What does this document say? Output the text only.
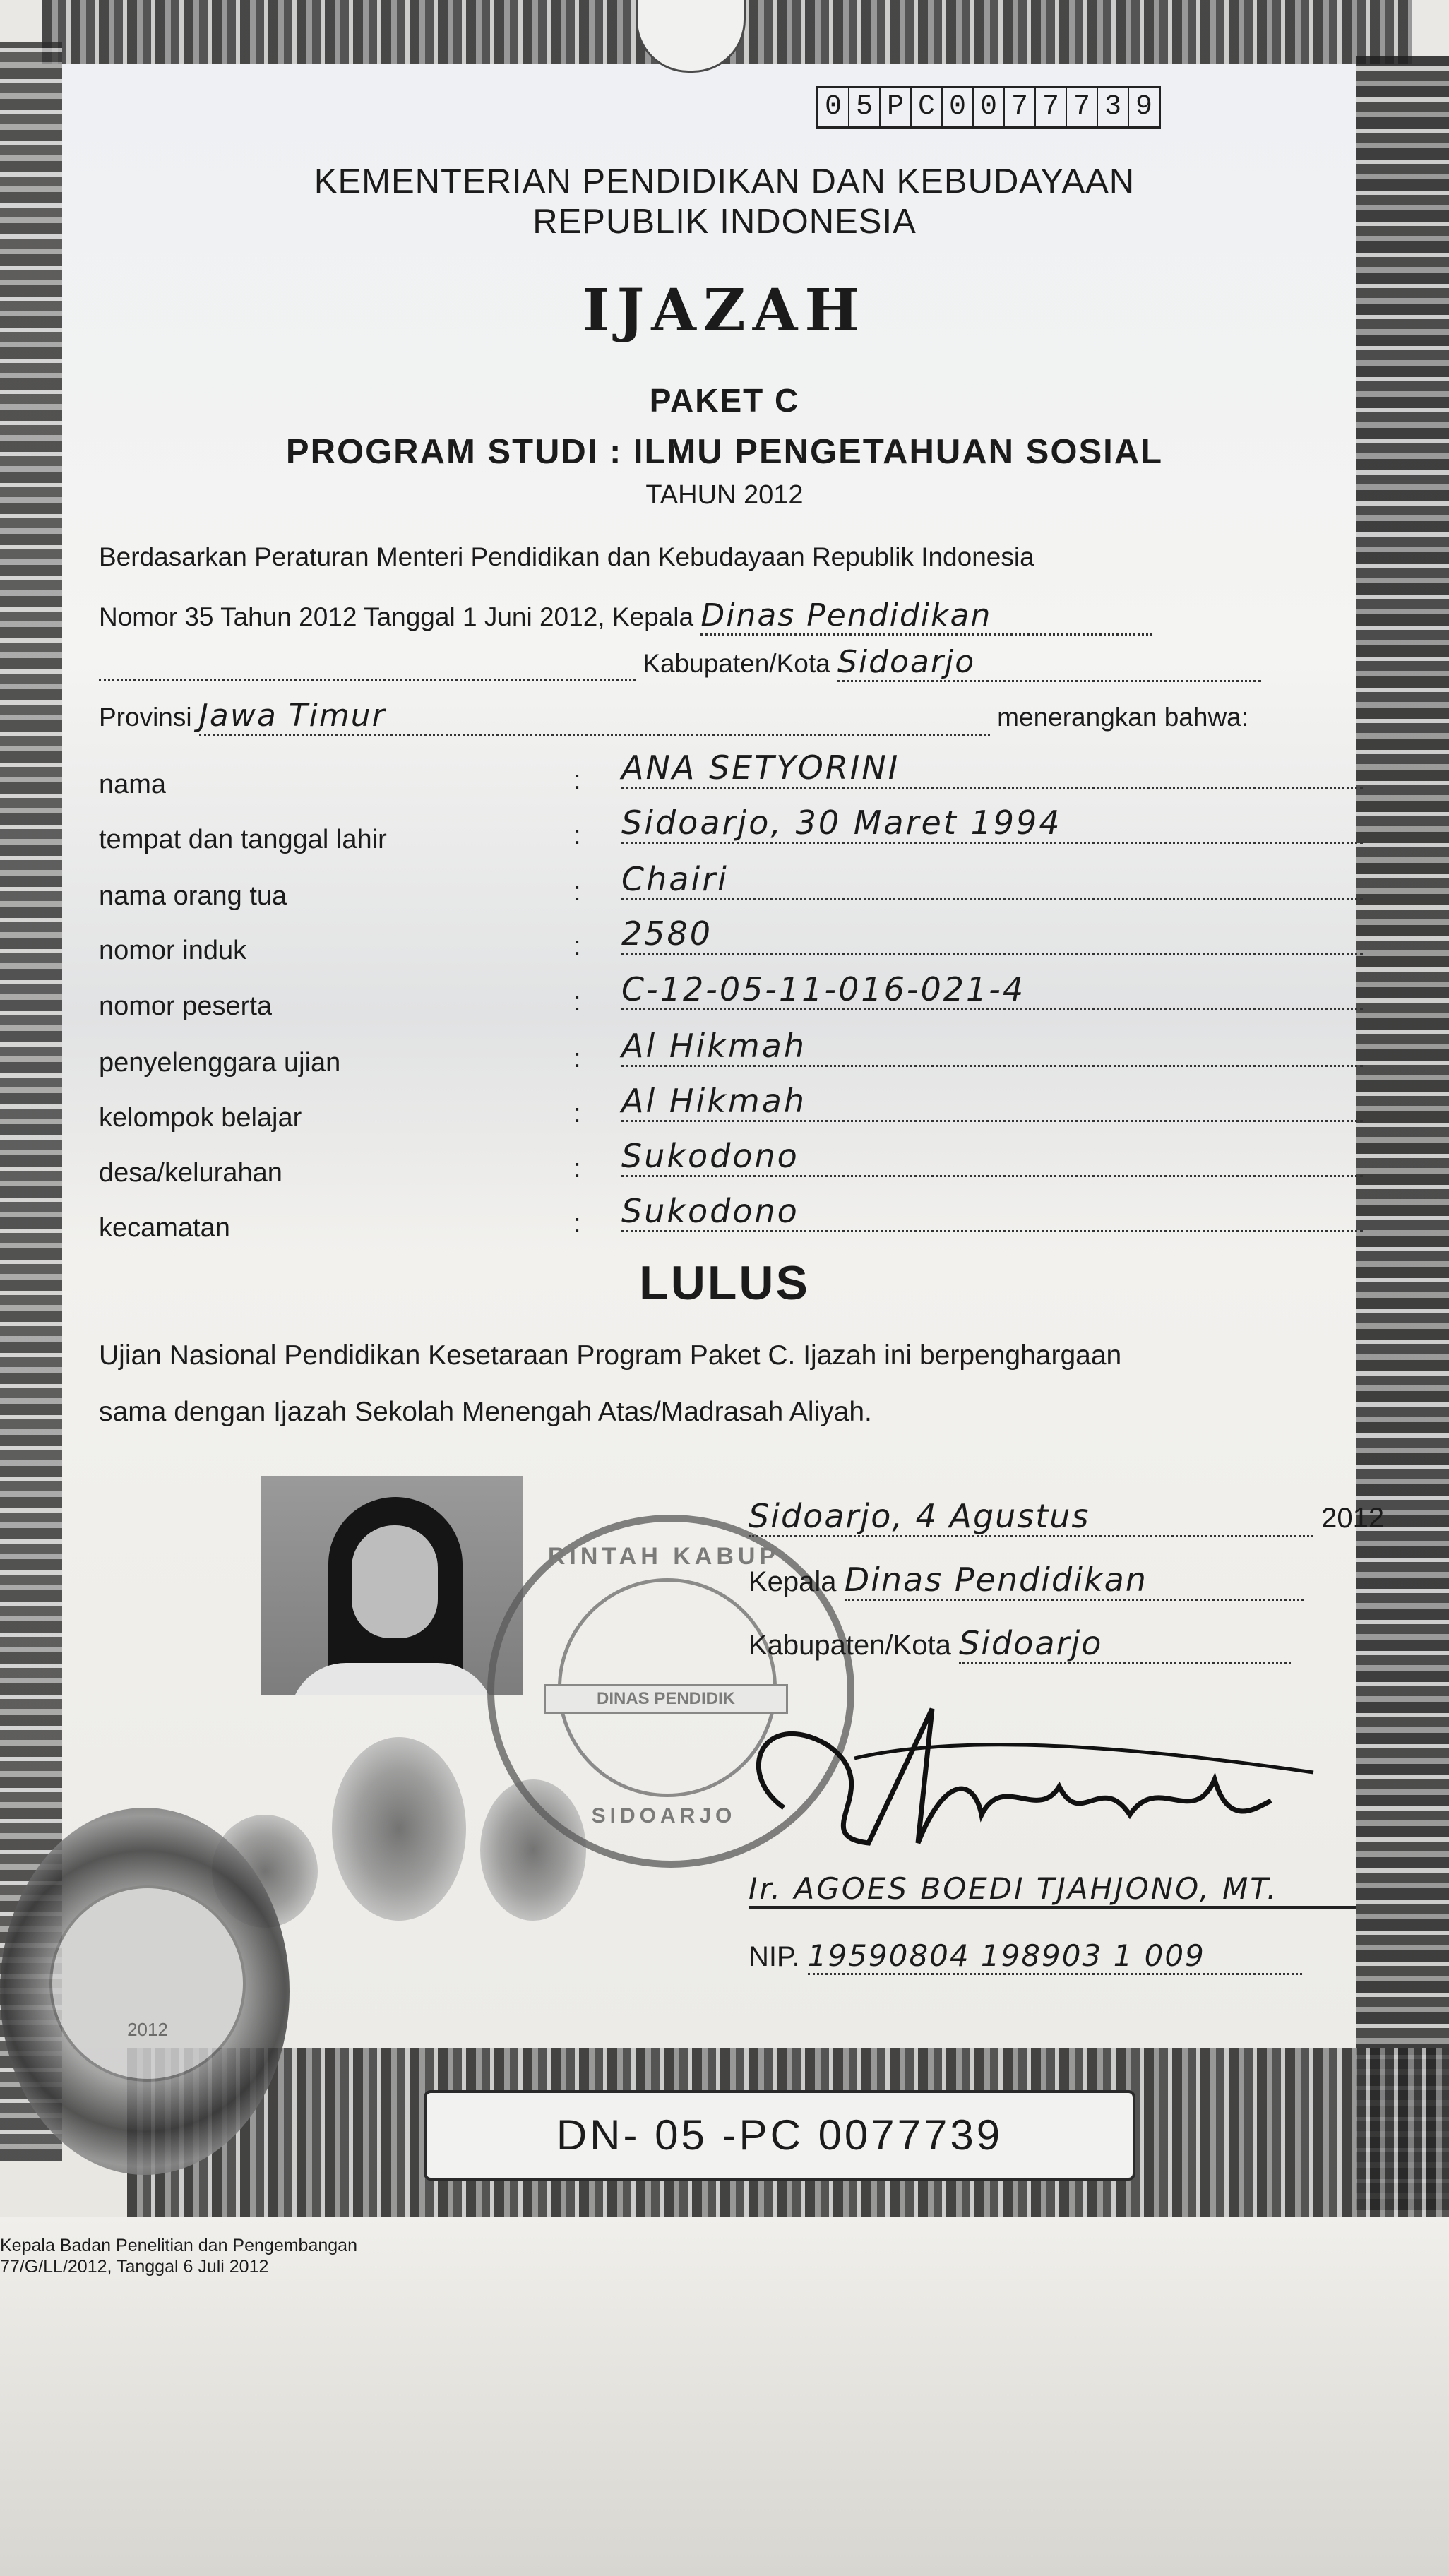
0 5 P C 0 0 7 7 7 3 9
KEMENTERIAN PENDIDIKAN DAN KEBUDAYAAN
REPUBLIK INDONESIA
IJAZAH
PAKET C
PROGRAM STUDI : ILMU PENGETAHUAN SOSIAL
TAHUN 2012
Berdasarkan Peraturan Menteri Pendidikan dan Kebudayaan Republik Indonesia
Nomor 35 Tahun 2012 Tanggal 1 Juni 2012, Kepala Dinas Pendidikan
Kabupaten/Kota Sidoarjo
Provinsi Jawa Timur	menerangkan bahwa:
nama	: ANA SETYORINI
tempat dan tanggal lahir	: Sidoarjo, 30 Maret 1994
nama orang tua	: Chairi
nomor induk	: 2580
nomor peserta	: C-12-05-11-016-021-4
penyelenggara ujian	: Al Hikmah
kelompok belajar	: Al Hikmah
desa/kelurahan	: Sukodono
kecamatan	: Sukodono
LULUS
Ujian Nasional Pendidikan Kesetaraan Program Paket C. Ijazah ini berpenghargaan
sama dengan Ijazah Sekolah Menengah Atas/Madrasah Aliyah.
RINTAH KABUP
DINAS PENDIDIK
SIDOARJO
Sidoarjo, 4 Agustus	2012
Kepala Dinas Pendidikan
Kabupaten/Kota Sidoarjo
Ir. AGOES BOEDI TJAHJONO, MT.
NIP. 19590804 198903 1 009
2012
DN- 05 -PC 0077739
Kepala Badan Penelitian dan Pengembangan
77/G/LL/2012, Tanggal 6 Juli 2012
